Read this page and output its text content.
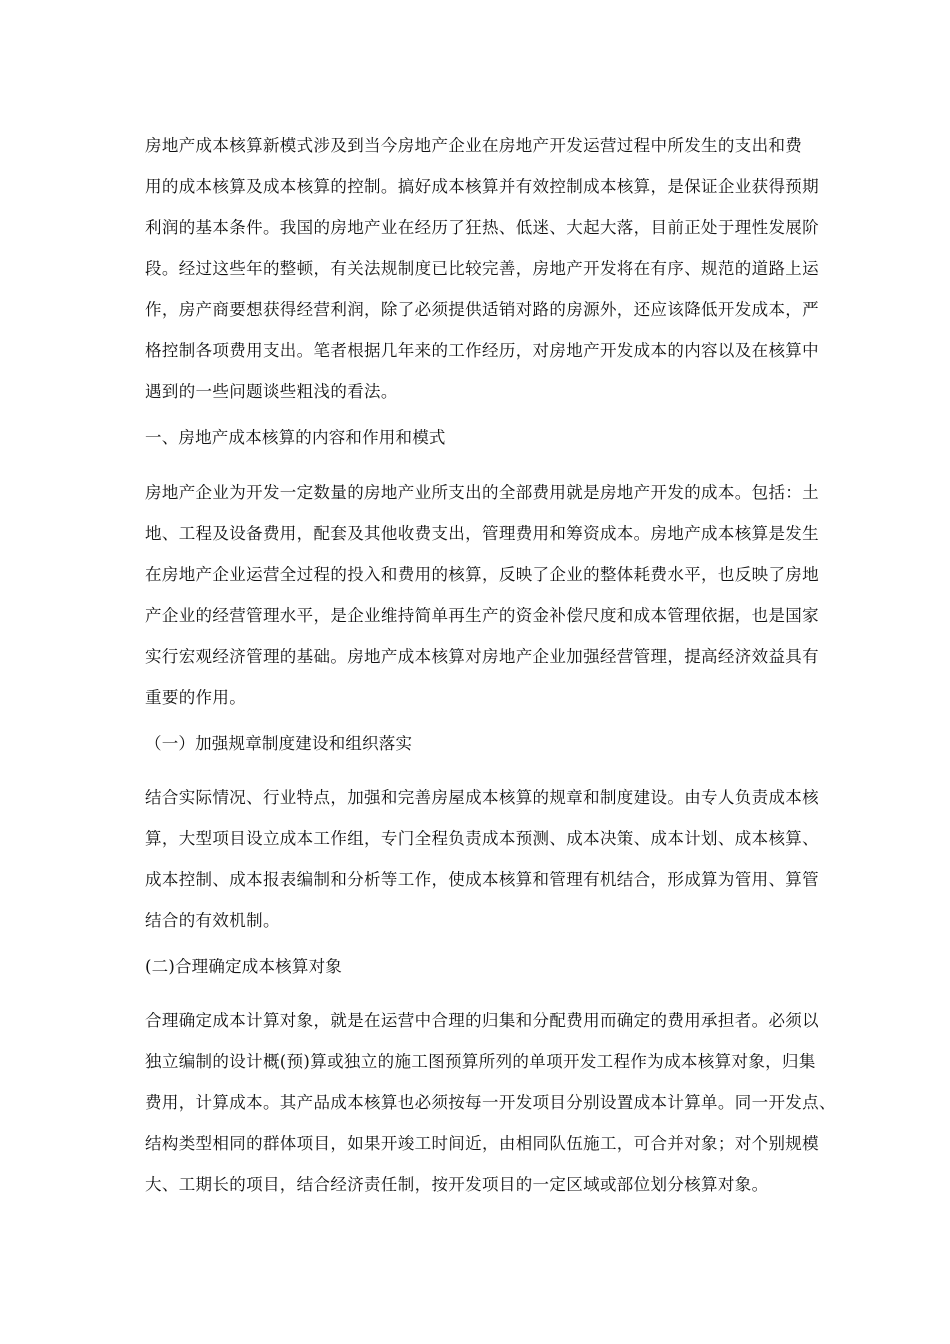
房地产成本核算新模式涉及到当今房地产企业在房地产开发运营过程中所发生的支出和费
用的成本核算及成本核算的控制。搞好成本核算并有效控制成本核算，是保证企业获得预期
利润的基本条件。我国的房地产业在经历了狂热、低迷、大起大落，目前正处于理性发展阶
段。经过这些年的整顿，有关法规制度已比较完善，房地产开发将在有序、规范的道路上运
作，房产商要想获得经营利润，除了必须提供适销对路的房源外，还应该降低开发成本，严
格控制各项费用支出。笔者根据几年来的工作经历，对房地产开发成本的内容以及在核算中
遇到的一些问题谈些粗浅的看法。
一、房地产成本核算的内容和作用和模式
房地产企业为开发一定数量的房地产业所支出的全部费用就是房地产开发的成本。包括：土
地、工程及设备费用，配套及其他收费支出，管理费用和筹资成本。房地产成本核算是发生
在房地产企业运营全过程的投入和费用的核算，反映了企业的整体耗费水平，也反映了房地
产企业的经营管理水平，是企业维持简单再生产的资金补偿尺度和成本管理依据，也是国家
实行宏观经济管理的基础。房地产成本核算对房地产企业加强经营管理，提高经济效益具有
重要的作用。
（一）加强规章制度建设和组织落实
结合实际情况、行业特点，加强和完善房屋成本核算的规章和制度建设。由专人负责成本核
算，大型项目设立成本工作组，专门全程负责成本预测、成本决策、成本计划、成本核算、
成本控制、成本报表编制和分析等工作，使成本核算和管理有机结合，形成算为管用、算管
结合的有效机制。
(二)合理确定成本核算对象
合理确定成本计算对象，就是在运营中合理的归集和分配费用而确定的费用承担者。必须以
独立编制的设计概(预)算或独立的施工图预算所列的单项开发工程作为成本核算对象，归集
费用，计算成本。其产品成本核算也必须按每一开发项目分别设置成本计算单。同一开发点、
结构类型相同的群体项目，如果开竣工时间近，由相同队伍施工，可合并对象；对个别规模
大、工期长的项目，结合经济责任制，按开发项目的一定区域或部位划分核算对象。
